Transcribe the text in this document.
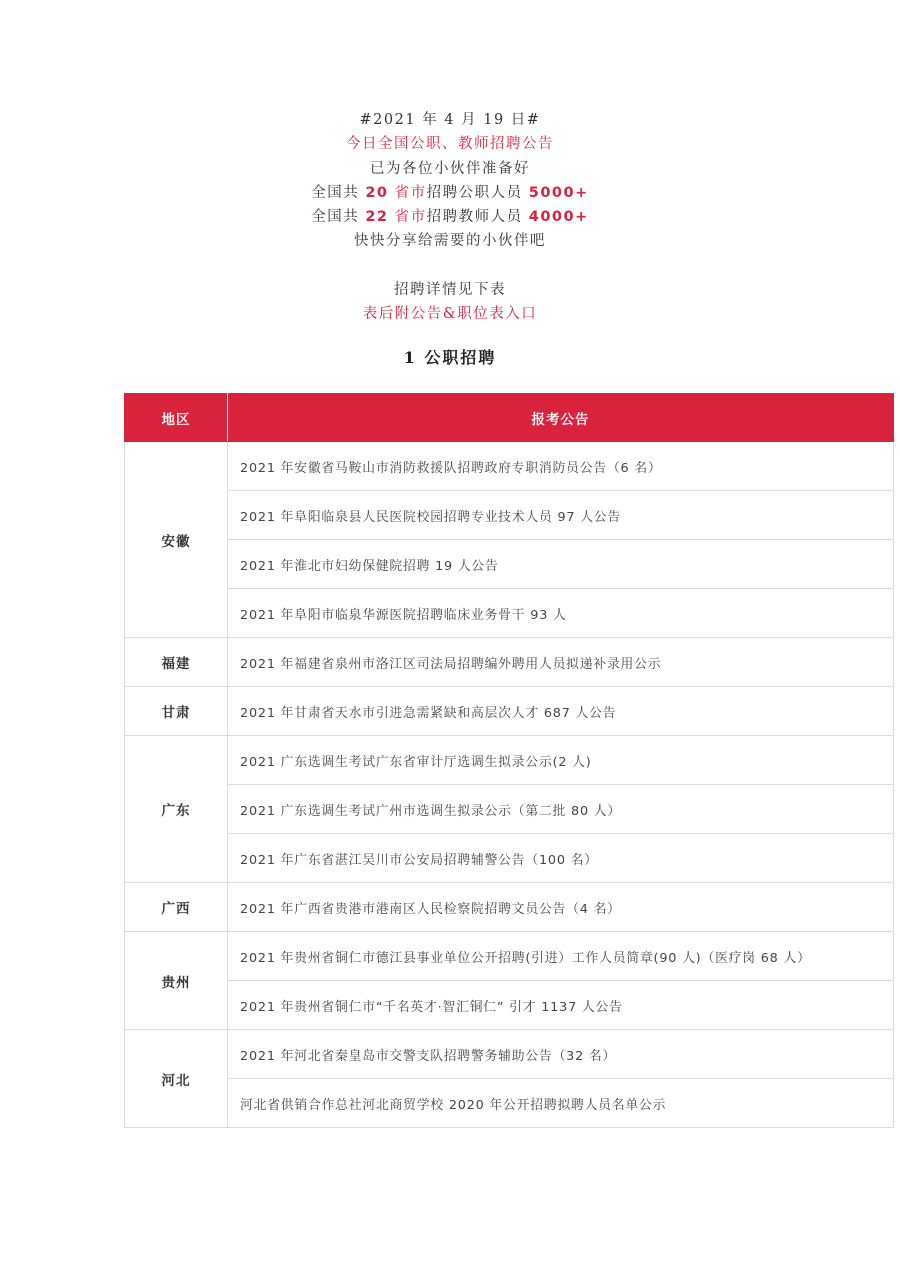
#2021 年 4 月 19 日#
今日全国公职、教师招聘公告
已为各位小伙伴准备好
全国共 20 省市招聘公职人员 5000+
全国共 22 省市招聘教师人员 4000+
快快分享给需要的小伙伴吧
招聘详情见下表
表后附公告&职位表入口
1 公职招聘
地区	报考公告
安徽	2021 年安徽省马鞍山市消防救援队招聘政府专职消防员公告（6 名）
	2021 年阜阳临泉县人民医院校园招聘专业技术人员 97 人公告
	2021 年淮北市妇幼保健院招聘 19 人公告
	2021 年阜阳市临泉华源医院招聘临床业务骨干 93 人
福建	2021 年福建省泉州市洛江区司法局招聘编外聘用人员拟递补录用公示
甘肃	2021 年甘肃省天水市引进急需紧缺和高层次人才 687 人公告
广东	2021 广东选调生考试广东省审计厅选调生拟录公示(2 人)
	2021 广东选调生考试广州市选调生拟录公示（第二批 80 人）
	2021 年广东省湛江吴川市公安局招聘辅警公告（100 名）
广西	2021 年广西省贵港市港南区人民检察院招聘文员公告（4 名）
贵州	2021 年贵州省铜仁市德江县事业单位公开招聘(引进）工作人员简章(90 人)（医疗岗 68 人）
	2021 年贵州省铜仁市“千名英才·智汇铜仁” 引才 1137 人公告
河北	2021 年河北省秦皇岛市交警支队招聘警务辅助公告（32 名）
	河北省供销合作总社河北商贸学校 2020 年公开招聘拟聘人员名单公示
